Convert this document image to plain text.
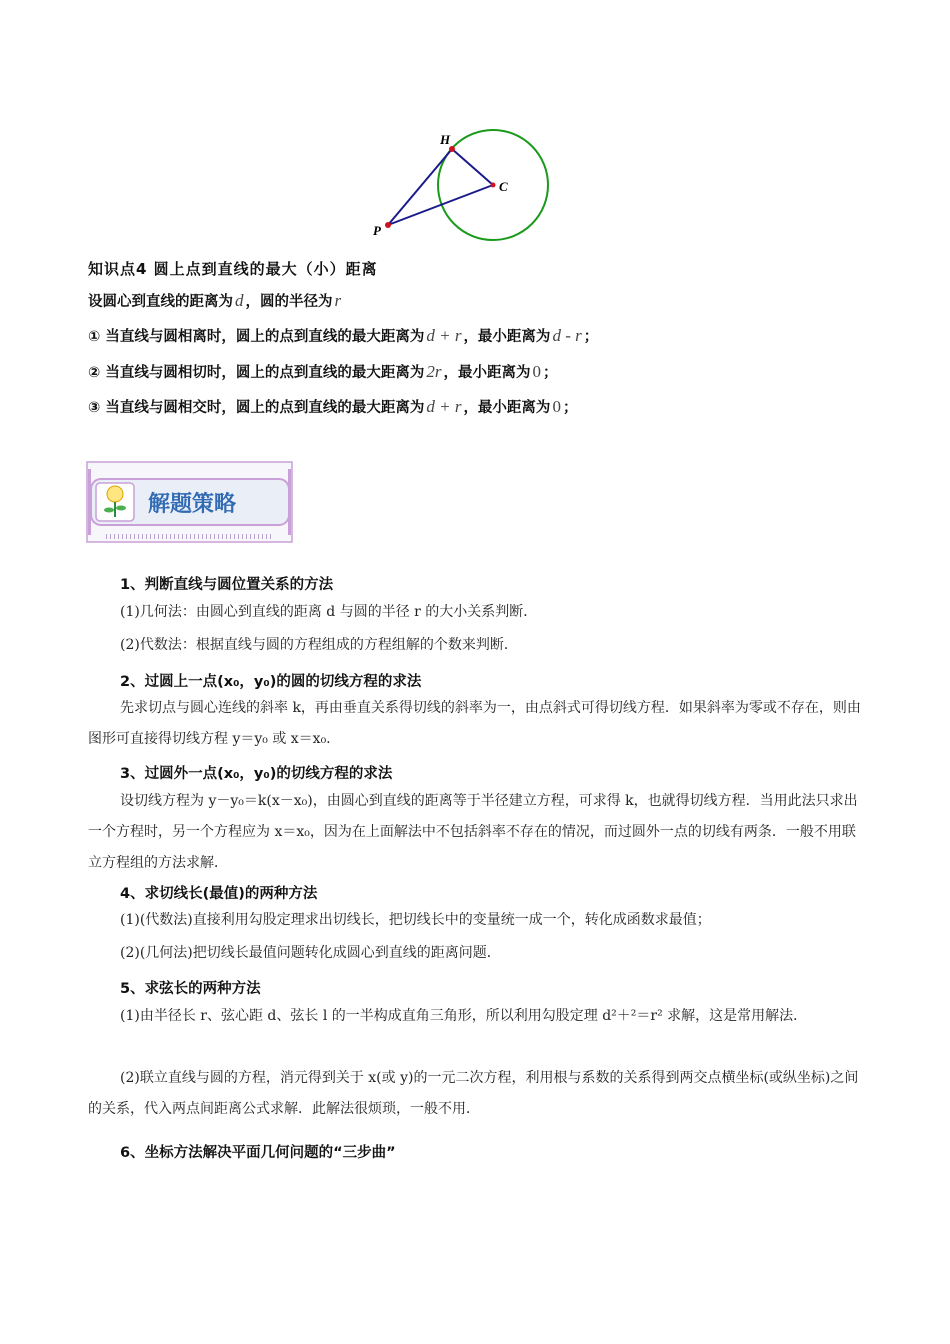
H
C
P
知识点4 圆上点到直线的最大（小）距离
设圆心到直线的距离为 d ，圆的半径为 r
① 当直线与圆相离时，圆上的点到直线的最大距离为 d + r ，最小距离为 d - r ；
② 当直线与圆相切时，圆上的点到直线的最大距离为 2r ，最小距离为 0 ；
③ 当直线与圆相交时，圆上的点到直线的最大距离为 d + r ，最小距离为 0 ；
解题策略
1、判断直线与圆位置关系的方法
(1)几何法：由圆心到直线的距离 d 与圆的半径 r 的大小关系判断．
(2)代数法：根据直线与圆的方程组成的方程组解的个数来判断．
2、过圆上一点(x₀，y₀)的圆的切线方程的求法
先求切点与圆心连线的斜率 k，再由垂直关系得切线的斜率为一，由点斜式可得切线方程．如果斜率为零或不存在，则由图形可直接得切线方程 y＝y₀ 或 x＝x₀.
3、过圆外一点(x₀，y₀)的切线方程的求法
设切线方程为 y－y₀＝k(x－x₀)，由圆心到直线的距离等于半径建立方程，可求得 k，也就得切线方程．当用此法只求出一个方程时，另一个方程应为 x＝x₀，因为在上面解法中不包括斜率不存在的情况，而过圆外一点的切线有两条．一般不用联立方程组的方法求解．
4、求切线长(最值)的两种方法
(1)(代数法)直接利用勾股定理求出切线长，把切线长中的变量统一成一个，转化成函数求最值；
(2)(几何法)把切线长最值问题转化成圆心到直线的距离问题．
5、求弦长的两种方法
(1)由半径长 r、弦心距 d、弦长 l 的一半构成直角三角形，所以利用勾股定理 d²＋²＝r² 求解，这是常用解法．
(2)联立直线与圆的方程，消元得到关于 x(或 y)的一元二次方程，利用根与系数的关系得到两交点横坐标(或纵坐标)之间的关系，代入两点间距离公式求解．此解法很烦琐，一般不用．
6、坐标方法解决平面几何问题的“三步曲”
